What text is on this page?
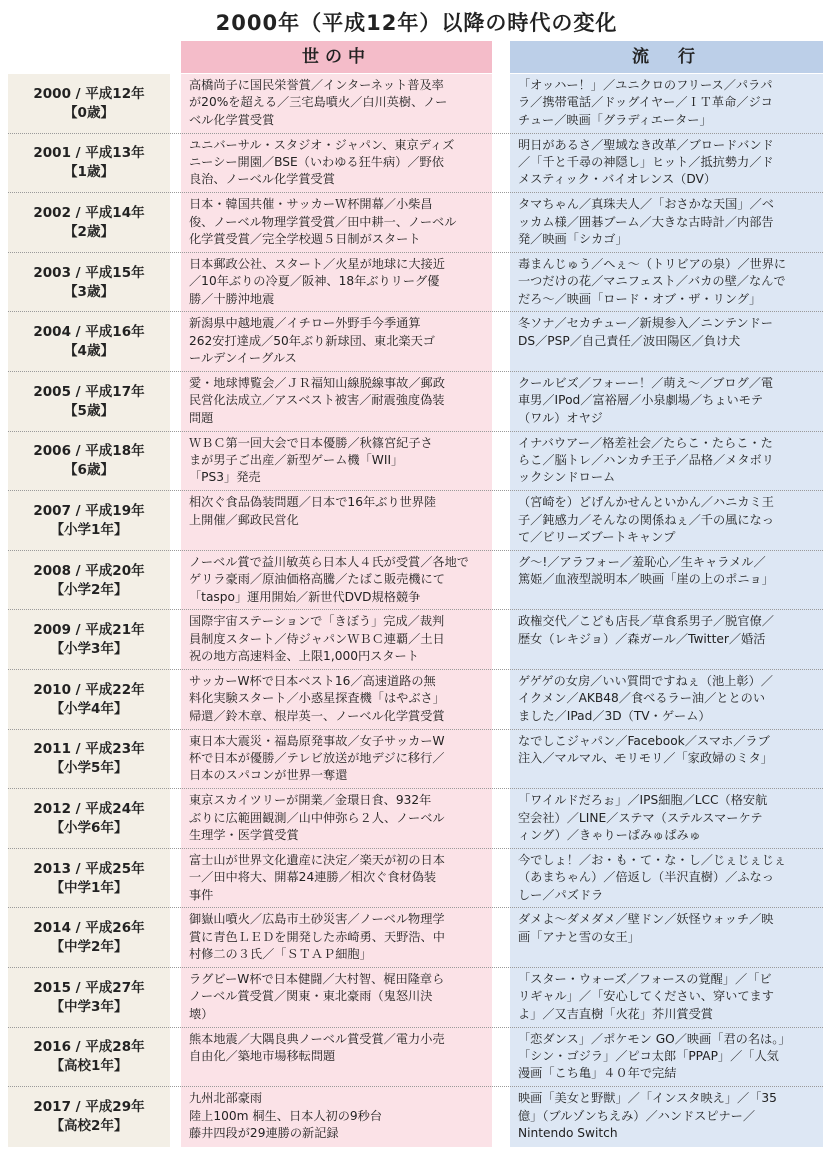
2000年（平成12年）以降の時代の変化
世の中	流　行
2000 / 平成12年
【0歳】
高橋尚子に国民栄誉賞／インターネット普及率
が20%を超える／三宅島噴火／白川英樹、ノー
ベル化学賞受賞
「オッハー！」／ユニクロのフリース／パラパ
ラ／携帯電話／ドッグイヤー／ＩＴ革命／ジコ
チュー／映画「グラディエーター」
2001 / 平成13年
【1歳】
ユニバーサル・スタジオ・ジャパン、東京ディズ
ニーシー開園／BSE（いわゆる狂牛病）／野依
良治、ノーベル化学賞受賞
明日があるさ／聖域なき改革／ブロードバンド
／「千と千尋の神隠し」ヒット／抵抗勢力／ド
メスティック・バイオレンス（DV）
2002 / 平成14年
【2歳】
日本・韓国共催・サッカーＷ杯開幕／小柴昌
俊、ノーベル物理学賞受賞／田中耕一、ノーベル
化学賞受賞／完全学校週５日制がスタート
タマちゃん／真珠夫人／「おさかな天国」／ベ
ッカム様／囲碁ブーム／大きな古時計／内部告
発／映画「シカゴ」
2003 / 平成15年
【3歳】
日本郵政公社、スタート／火星が地球に大接近
／10年ぶりの冷夏／阪神、18年ぶりリーグ優
勝／十勝沖地震
毒まんじゅう／へぇ～（トリビアの泉）／世界に
一つだけの花／マニフェスト／バカの壁／なんで
だろ～／映画「ロード・オブ・ザ・リング」
2004 / 平成16年
【4歳】
新潟県中越地震／イチロー外野手今季通算
262安打達成／50年ぶり新球団、東北楽天ゴ
ールデンイーグルス
冬ソナ／セカチュー／新規参入／ニンテンドー
DS／PSP／自己責任／波田陽区／負け犬
2005 / 平成17年
【5歳】
愛・地球博覧会／ＪＲ福知山線脱線事故／郵政
民営化法成立／アスベスト被害／耐震強度偽装
問題
クールビズ／フォーー！／萌え～／ブログ／電
車男／IPod／富裕層／小泉劇場／ちょいモテ
（ワル）オヤジ
2006 / 平成18年
【6歳】
ＷＢＣ第一回大会で日本優勝／秋篠宮紀子さ
まが男子ご出産／新型ゲーム機「WII」
「PS3」発売
イナバウアー／格差社会／たらこ・たらこ・た
らこ／脳トレ／ハンカチ王子／品格／メタボリ
ックシンドローム
2007 / 平成19年
【小学1年】
相次ぐ食品偽装問題／日本で16年ぶり世界陸
上開催／郵政民営化
（宮崎を）どげんかせんといかん／ハニカミ王
子／鈍感力／そんなの関係ねぇ／千の風になっ
て／ビリーズブートキャンプ
2008 / 平成20年
【小学2年】
ノーベル賞で益川敏英ら日本人４氏が受賞／各地で
ゲリラ豪雨／原油価格高騰／たばこ販売機にて
「taspo」運用開始／新世代DVD規格競争
グ～!／アラフォー／羞恥心／生キャラメル／
篤姫／血液型説明本／映画「崖の上のポニョ」
2009 / 平成21年
【小学3年】
国際宇宙ステーションで「きぼう」完成／裁判
員制度スタート／侍ジャパンＷＢＣ連覇／土日
祝の地方高速料金、上限1,000円スタート
政権交代／こども店長／草食系男子／脱官僚／
歴女（レキジョ）／森ガール／Twitter／婚活
2010 / 平成22年
【小学4年】
サッカーW杯で日本ベスト16／高速道路の無
料化実験スタート／小惑星探査機「はやぶさ」
帰還／鈴木章、根岸英一、ノーベル化学賞受賞
ゲゲゲの女房／いい質問ですねぇ（池上彰）／
イクメン／AKB48／食べるラー油／ととのい
ました／IPad／3D（TV・ゲーム）
2011 / 平成23年
【小学5年】
東日本大震災・福島原発事故／女子サッカーW
杯で日本が優勝／テレビ放送が地デジに移行／
日本のスパコンが世界一奪還
なでしこジャパン／Facebook／スマホ／ラブ
注入／マルマル、モリモリ／「家政婦のミタ」
2012 / 平成24年
【小学6年】
東京スカイツリーが開業／金環日食、932年
ぶりに広範囲観測／山中伸弥ら２人、ノーベル
生理学・医学賞受賞
「ワイルドだろぉ」／IPS細胞／LCC（格安航
空会社）／LINE／ステマ（ステルスマーケテ
ィング）／きゃりーぱみゅぱみゅ
2013 / 平成25年
【中学1年】
富士山が世界文化遺産に決定／楽天が初の日本
一／田中将大、開幕24連勝／相次ぐ食材偽装
事件
今でしょ！／お・も・て・な・し／じぇじぇじぇ
（あまちゃん）／倍返し（半沢直樹）／ふなっ
しー／パズドラ
2014 / 平成26年
【中学2年】
御嶽山噴火／広島市土砂災害／ノーベル物理学
賞に青色ＬＥＤを開発した赤崎勇、天野浩、中
村修二の３氏／「ＳＴＡＰ細胞」
ダメよ～ダメダメ／壁ドン／妖怪ウォッチ／映
画「アナと雪の女王」
2015 / 平成27年
【中学3年】
ラグビーW杯で日本健闘／大村智、梶田隆章ら
ノーベル賞受賞／関東・東北豪雨（鬼怒川決
壊）
「スター・ウォーズ／フォースの覚醒」／「ビ
リギャル」／「安心してください、穿いてます
よ」／又吉直樹「火花」芥川賞受賞
2016 / 平成28年
【高校1年】
熊本地震／大隅良典ノーベル賞受賞／電力小売
自由化／築地市場移転問題
「恋ダンス」／ポケモン GO／映画「君の名は。」
「シン・ゴジラ」／ピコ太郎「PPAP」／「人気
漫画「こち亀」４０年で完結
2017 / 平成29年
【高校2年】
九州北部豪雨
陸上100m 桐生、日本人初の9秒台
藤井四段が29連勝の新記録
映画「美女と野獣」／「インスタ映え」／「35
億」（ブルゾンちえみ）／ハンドスピナー／
Nintendo Switch
